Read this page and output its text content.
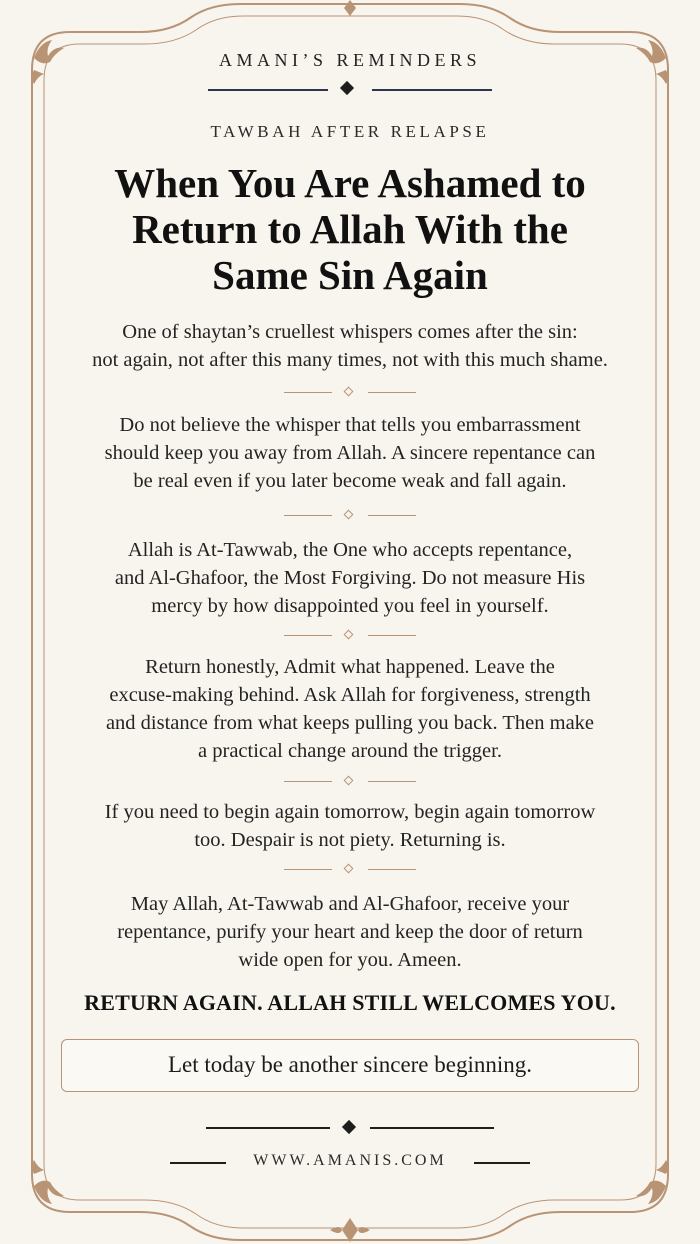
AMANI’S REMINDERS
TAWBAH AFTER RELAPSE
When You Are Ashamed to
Return to Allah With the
Same Sin Again
One of shaytan’s cruellest whispers comes after the sin:
not again, not after this many times, not with this much shame.
Do not believe the whisper that tells you embarrassment
should keep you away from Allah. A sincere repentance can
be real even if you later become weak and fall again.
Allah is At-Tawwab, the One who accepts repentance,
and Al-Ghafoor, the Most Forgiving. Do not measure His
mercy by how disappointed you feel in yourself.
Return honestly, Admit what happened. Leave the
excuse-making behind. Ask Allah for forgiveness, strength
and distance from what keeps pulling you back. Then make
a practical change around the trigger.
If you need to begin again tomorrow, begin again tomorrow
too. Despair is not piety. Returning is.
May Allah, At-Tawwab and Al-Ghafoor, receive your
repentance, purify your heart and keep the door of return
wide open for you. Ameen.
RETURN AGAIN. ALLAH STILL WELCOMES YOU.
Let today be another sincere beginning.
WWW.AMANIS.COM
